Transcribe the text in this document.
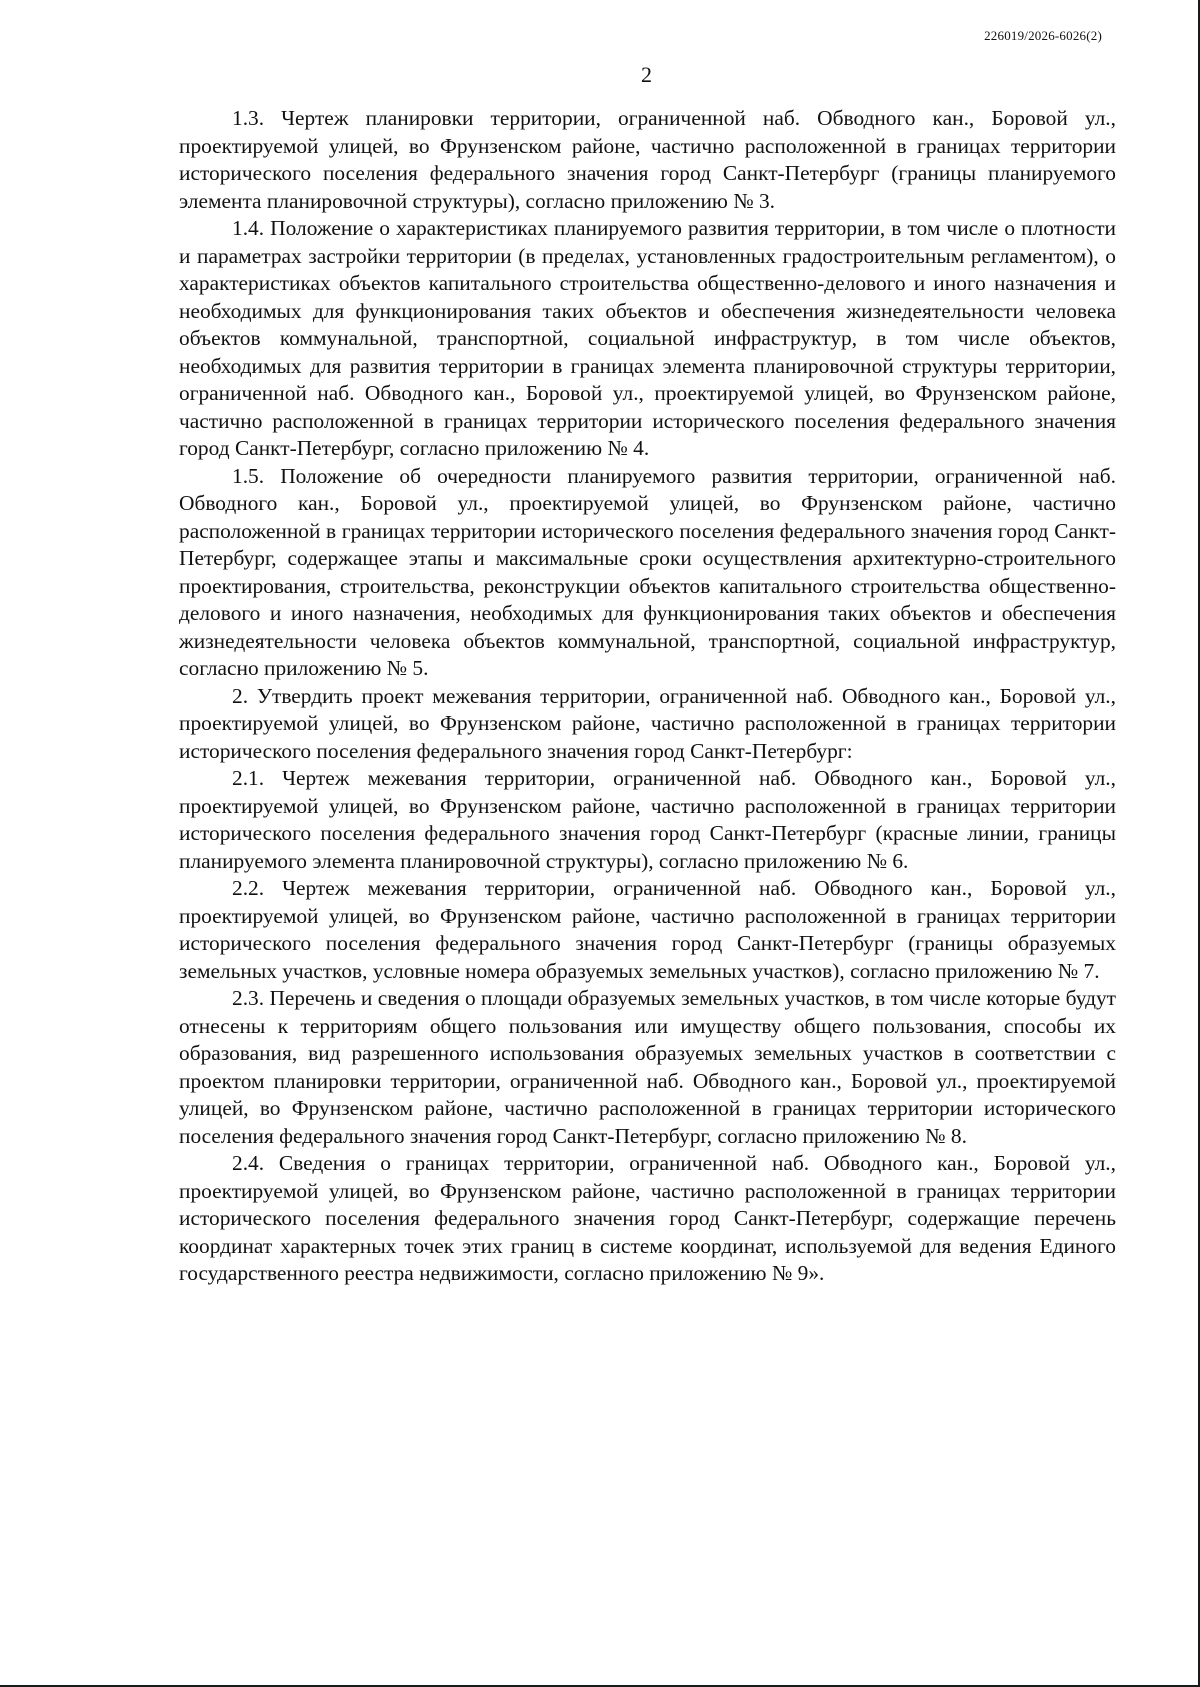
226019/2026-6026(2)
2

1.3. Чертеж планировки территории, ограниченной наб. Обводного кан., Боровой ул., проектируемой улицей, во Фрунзенском районе, частично расположенной в границах территории исторического поселения федерального значения город Санкт-Петербург (границы планируемого элемента планировочной структуры), согласно приложению № 3.

1.4. Положение о характеристиках планируемого развития территории, в том числе о плотности и параметрах застройки территории (в пределах, установленных градостроительным регламентом), о характеристиках объектов капитального строительства общественно-делового и иного назначения и необходимых для функционирования таких объектов и обеспечения жизнедеятельности человека объектов коммунальной, транспортной, социальной инфраструктур, в том числе объектов, необходимых для развития территории в границах элемента планировочной структуры территории, ограниченной наб. Обводного кан., Боровой ул., проектируемой улицей, во Фрунзенском районе, частично расположенной в границах территории исторического поселения федерального значения город Санкт-Петербург, согласно приложению № 4.

1.5. Положение об очередности планируемого развития территории, ограниченной наб. Обводного кан., Боровой ул., проектируемой улицей, во Фрунзенском районе, частично расположенной в границах территории исторического поселения федерального значения город Санкт-Петербург, содержащее этапы и максимальные сроки осуществления архитектурно-строительного проектирования, строительства, реконструкции объектов капитального строительства общественно-делового и иного назначения, необходимых для функционирования таких объектов и обеспечения жизнедеятельности человека объектов коммунальной, транспортной, социальной инфраструктур, согласно приложению № 5.

2. Утвердить проект межевания территории, ограниченной наб. Обводного кан., Боровой ул., проектируемой улицей, во Фрунзенском районе, частично расположенной в границах территории исторического поселения федерального значения город Санкт-Петербург:

2.1. Чертеж межевания территории, ограниченной наб. Обводного кан., Боровой ул., проектируемой улицей, во Фрунзенском районе, частично расположенной в границах территории исторического поселения федерального значения город Санкт-Петербург (красные линии, границы планируемого элемента планировочной структуры), согласно приложению № 6.

2.2. Чертеж межевания территории, ограниченной наб. Обводного кан., Боровой ул., проектируемой улицей, во Фрунзенском районе, частично расположенной в границах территории исторического поселения федерального значения город Санкт-Петербург (границы образуемых земельных участков, условные номера образуемых земельных участков), согласно приложению № 7.

2.3. Перечень и сведения о площади образуемых земельных участков, в том числе которые будут отнесены к территориям общего пользования или имуществу общего пользования, способы их образования, вид разрешенного использования образуемых земельных участков в соответствии с проектом планировки территории, ограниченной наб. Обводного кан., Боровой ул., проектируемой улицей, во Фрунзенском районе, частично расположенной в границах территории исторического поселения федерального значения город Санкт-Петербург, согласно приложению № 8.

2.4. Сведения о границах территории, ограниченной наб. Обводного кан., Боровой ул., проектируемой улицей, во Фрунзенском районе, частично расположенной в границах территории исторического поселения федерального значения город Санкт-Петербург, содержащие перечень координат характерных точек этих границ в системе координат, используемой для ведения Единого государственного реестра недвижимости, согласно приложению № 9».
